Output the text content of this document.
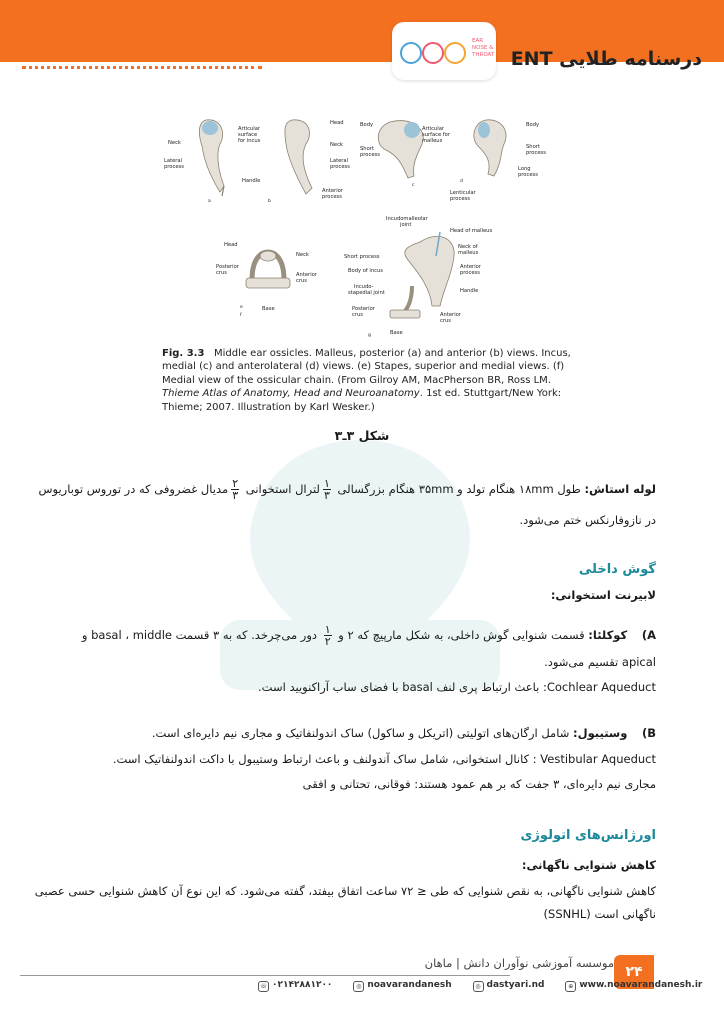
EAR
NOSE &
THROAT درسنامه طلایی ENT
Neck
Articular
surface
for incus
Lateral
process
Handle
a
Head
Neck
Lateral
process
Anterior
process
b
Body
Articular
surface for
malleus
Short
process
c
Body
Short
process
Long
process
d
Lenticular
process
Head
Neck
Posterior
crus	Anterior
crus
Base
e
f
Incudomalleolar
joint
Head of malleus
Short process
Neck of
malleus
Body of incus
Anterior
process
Incudo-
stapedial joint	Handle
Posterior
crus	Anterior
crus
Base
g
Fig. 3.3 Middle ear ossicles. Malleus, posterior (a) and anterior (b) views. Incus,
medial (c) and anterolateral (d) views. (e) Stapes, superior and medial views. (f)
Medial view of the ossicular chain. (From Gilroy AM, MacPherson BR, Ross LM.
Thieme Atlas of Anatomy, Head and Neuroanatomy. 1st ed. Stuttgart/New York:
Thieme; 2007. Illustration by Karl Wesker.)
شکل ۳ـ۳
لوله استاش: طول ۱۸mm هنگام تولد و ۳۵mm هنگام بزرگسالی
$\frac{۱}{۳}$
لترال استخوانی
$\frac{۲}{۳}$
مدیال غضروفی که در توروس توباریوس
در نازوفارنکس ختم می‌شود.
گوش داخلی
لابیرنت استخوانی:
A)    کوکلئا: قسمت شنوایی گوش داخلی، به شکل مارپیچ که ۲ و
$\frac{۱}{۲}$
دور می‌چرخد. که به ۳ قسمت basal ، middle و
apical تقسیم می‌شود.
Cochlear Aqueduct: باعث ارتباط پری لنف basal با فضای ساب آراکنویید است.
B)    وستیبول: شامل ارگان‌های اتولیتی (اتریکل و ساکول) ساک اندولنفاتیک و مجاری نیم دایره‌ای است.
Vestibular Aqueduct : کانال استخوانی، شامل ساک آندولنف و باعث ارتباط وستیبول با داکت اندولنفاتیک است.
مجاری نیم دایره‌ای، ۳ جفت که بر هم عمود هستند: فوقانی، تحتانی و افقی
اورژانس‌های اتولوژی
کاهش شنوایی ناگهانی:
کاهش شنوایی ناگهانی، به نقص شنوایی که طی ≤ ۷۲ ساعت اتفاق بیفتد، گفته می‌شود. که این نوع آن کاهش شنوایی حسی عصبی
ناگهانی است (SSNHL)
موسسه آموزشی نوآوران دانش | ماهان
۲۴
☏ ۰۲۱۴۲۸۸۱۲۰۰	◎ noavarandanesh	◎ dastyari.nd	⊕ www.noavarandanesh.ir
